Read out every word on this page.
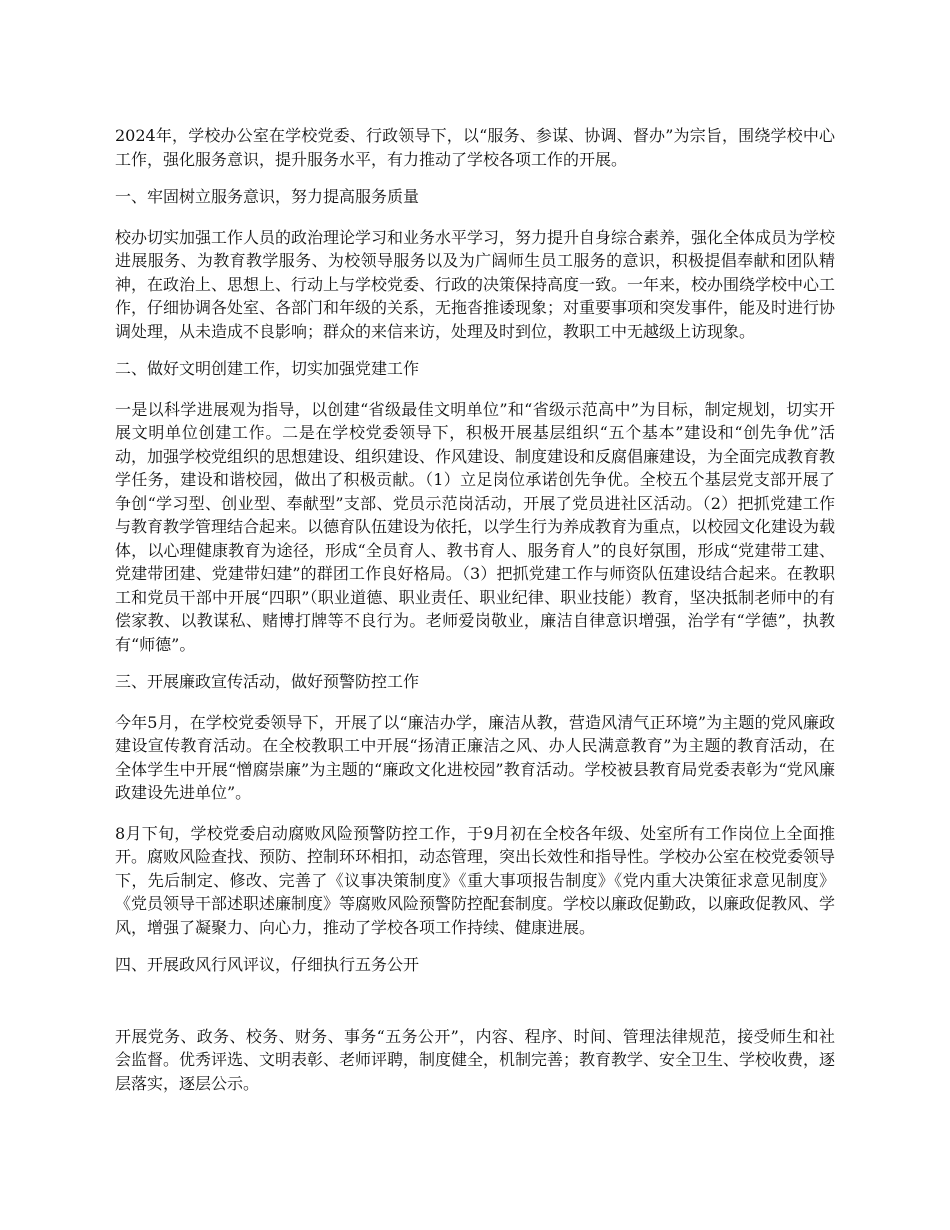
2024年，学校办公室在学校党委、行政领导下，以“服务、参谋、协调、督办”为宗旨，围绕学校中心工作，强化服务意识，提升服务水平，有力推动了学校各项工作的开展。

一、牢固树立服务意识，努力提高服务质量

校办切实加强工作人员的政治理论学习和业务水平学习，努力提升自身综合素养，强化全体成员为学校进展服务、为教育教学服务、为校领导服务以及为广阔师生员工服务的意识，积极提倡奉献和团队精神，在政治上、思想上、行动上与学校党委、行政的决策保持高度一致。一年来，校办围绕学校中心工作，仔细协调各处室、各部门和年级的关系，无拖沓推诿现象；对重要事项和突发事件，能及时进行协调处理，从未造成不良影响；群众的来信来访，处理及时到位，教职工中无越级上访现象。

二、做好文明创建工作，切实加强党建工作

一是以科学进展观为指导，以创建“省级最佳文明单位”和“省级示范高中”为目标，制定规划，切实开展文明单位创建工作。二是在学校党委领导下，积极开展基层组织“五个基本”建设和“创先争优”活动，加强学校党组织的思想建设、组织建设、作风建设、制度建设和反腐倡廉建设，为全面完成教育教学任务，建设和谐校园，做出了积极贡献。（1）立足岗位承诺创先争优。全校五个基层党支部开展了争创“学习型、创业型、奉献型”支部、党员示范岗活动，开展了党员进社区活动。（2）把抓党建工作与教育教学管理结合起来。以德育队伍建设为依托，以学生行为养成教育为重点，以校园文化建设为载体，以心理健康教育为途径，形成“全员育人、教书育人、服务育人”的良好氛围，形成“党建带工建、党建带团建、党建带妇建”的群团工作良好格局。（3）把抓党建工作与师资队伍建设结合起来。在教职工和党员干部中开展“四职”（职业道德、职业责任、职业纪律、职业技能）教育，坚决抵制老师中的有偿家教、以教谋私、赌博打牌等不良行为。老师爱岗敬业，廉洁自律意识增强，治学有“学德”，执教有“师德”。

三、开展廉政宣传活动，做好预警防控工作

今年5月，在学校党委领导下，开展了以“廉洁办学，廉洁从教，营造风清气正环境”为主题的党风廉政建设宣传教育活动。在全校教职工中开展“扬清正廉洁之风、办人民满意教育”为主题的教育活动，在全体学生中开展“憎腐崇廉”为主题的“廉政文化进校园”教育活动。学校被县教育局党委表彰为“党风廉政建设先进单位”。

8月下旬，学校党委启动腐败风险预警防控工作，于9月初在全校各年级、处室所有工作岗位上全面推开。腐败风险查找、预防、控制环环相扣，动态管理，突出长效性和指导性。学校办公室在校党委领导下，先后制定、修改、完善了《议事决策制度》《重大事项报告制度》《党内重大决策征求意见制度》《党员领导干部述职述廉制度》等腐败风险预警防控配套制度。学校以廉政促勤政，以廉政促教风、学风，增强了凝聚力、向心力，推动了学校各项工作持续、健康进展。

四、开展政风行风评议，仔细执行五务公开

开展党务、政务、校务、财务、事务“五务公开”，内容、程序、时间、管理法律规范，接受师生和社会监督。优秀评选、文明表彰、老师评聘，制度健全，机制完善；教育教学、安全卫生、学校收费，逐层落实，逐层公示。
